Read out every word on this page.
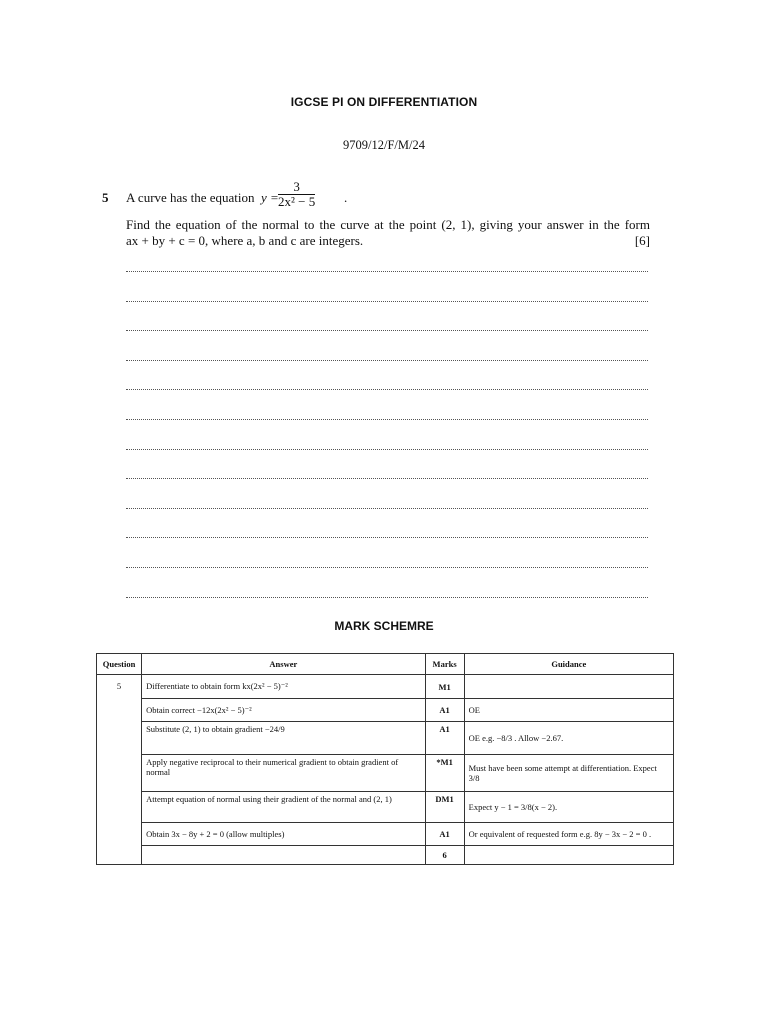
IGCSE PI ON DIFFERENTIATION
9709/12/F/M/24
5 A curve has the equation y =
3
2x² − 5 .
Find the equation of the normal to the curve at the point (2, 1), giving your answer in the form
ax + by + c = 0, where a, b and c are integers.	[6]
MARK SCHEMRE
Question	Answer	Marks	Guidance
5	Differentiate to obtain form kx(2x² − 5)⁻²	M1	
	Obtain correct −12x(2x² − 5)⁻²	A1	OE
	Substitute (2, 1) to obtain gradient −24/9	A1	OE e.g. −8/3 . Allow −2.67.
	Apply negative reciprocal to their numerical gradient to obtain gradient of normal	*M1	Must have been some attempt at differentiation. Expect 3/8
	Attempt equation of normal using their gradient of the normal and (2, 1)	DM1	Expect y − 1 = 3/8(x − 2).
	Obtain 3x − 8y + 2 = 0 (allow multiples)	A1	Or equivalent of requested form e.g. 8y − 3x − 2 = 0 .
		6	
